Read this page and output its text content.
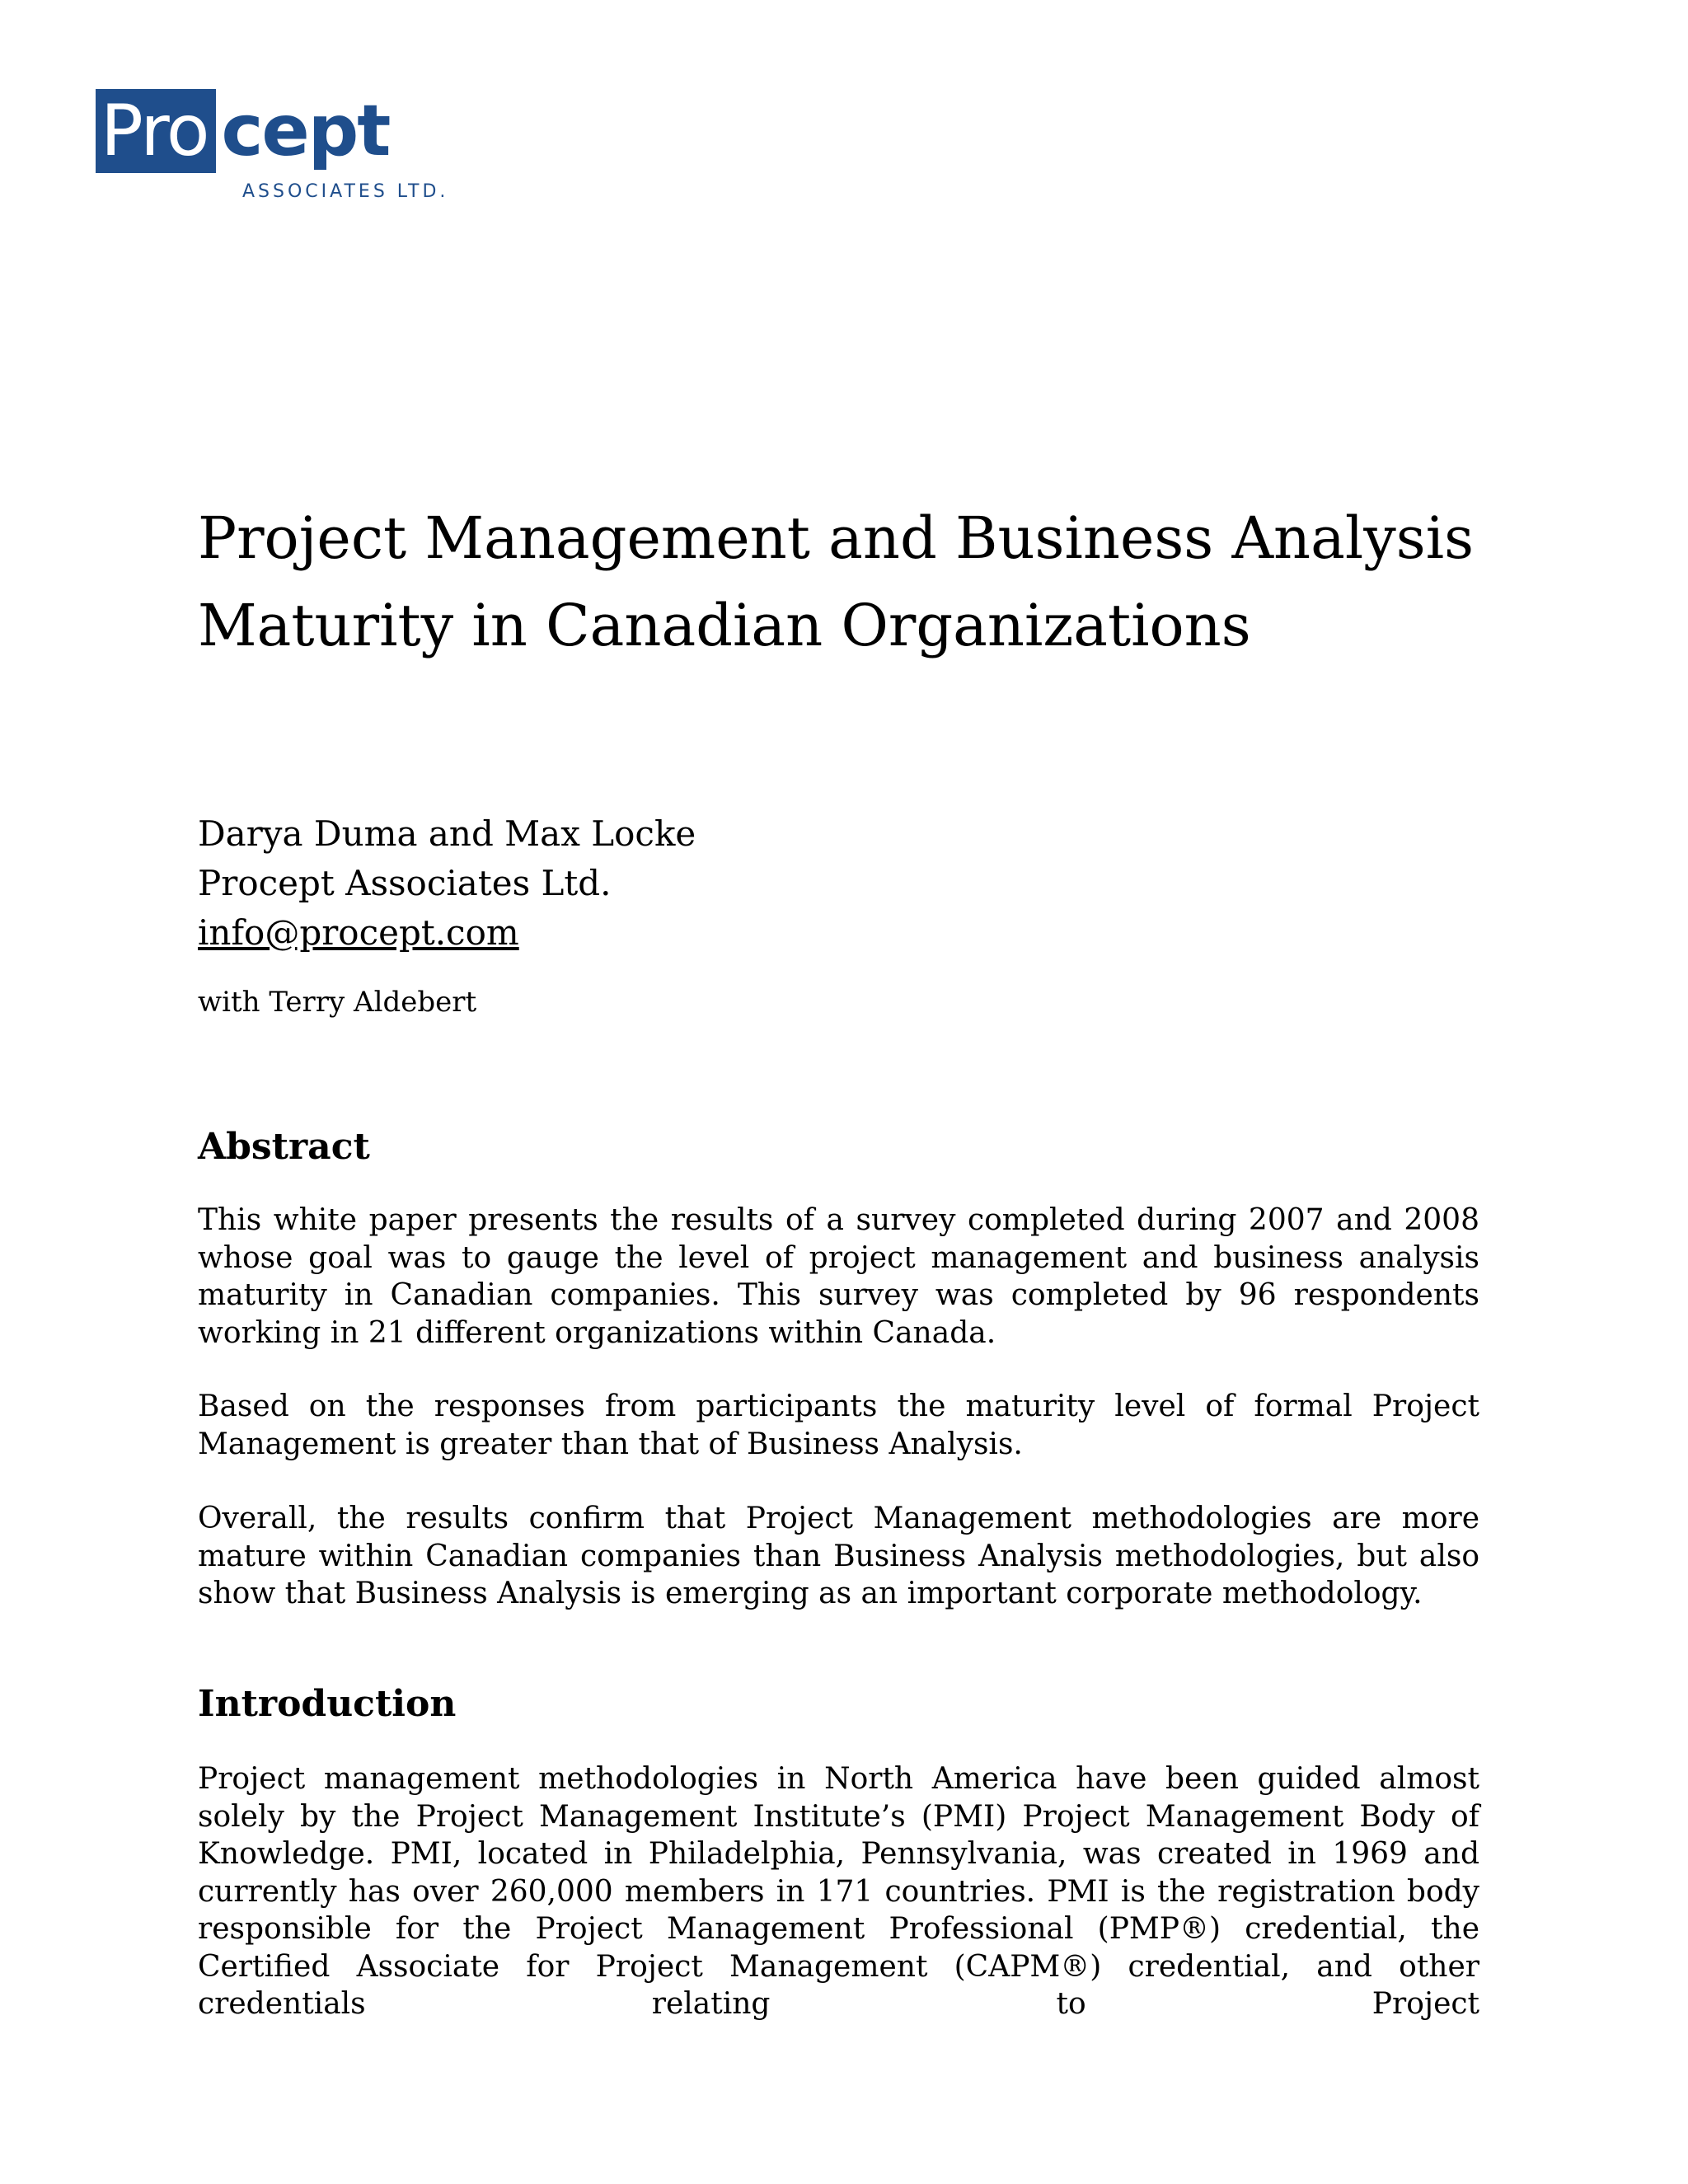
Pro cept
ASSOCIATES LTD.
Project Management and Business Analysis
Maturity in Canadian Organizations
Darya Duma and Max Locke
Procept Associates Ltd.
info@procept.com
with Terry Aldebert
Abstract

This white paper presents the results of a survey completed during 2007 and 2008 whose goal was to gauge the level of project management and business analysis maturity in Canadian companies. This survey was completed by 96 respondents working in 21 different organizations within Canada.

Based on the responses from participants the maturity level of formal Project Management is greater than that of Business Analysis.

Overall, the results confirm that Project Management methodologies are more mature within Canadian companies than Business Analysis methodologies, but also show that Business Analysis is emerging as an important corporate methodology.

Introduction

Project management methodologies in North America have been guided almost solely by the Project Management Institute’s (PMI) Project Management Body of Knowledge. PMI, located in Philadelphia, Pennsylvania, was created in 1969 and currently has over 260,000 members in 171 countries. PMI is the registration body responsible for the Project Management Professional (PMP®) credential, the Certified Associate for Project Management (CAPM®) credential, and other credentials relating to Project
